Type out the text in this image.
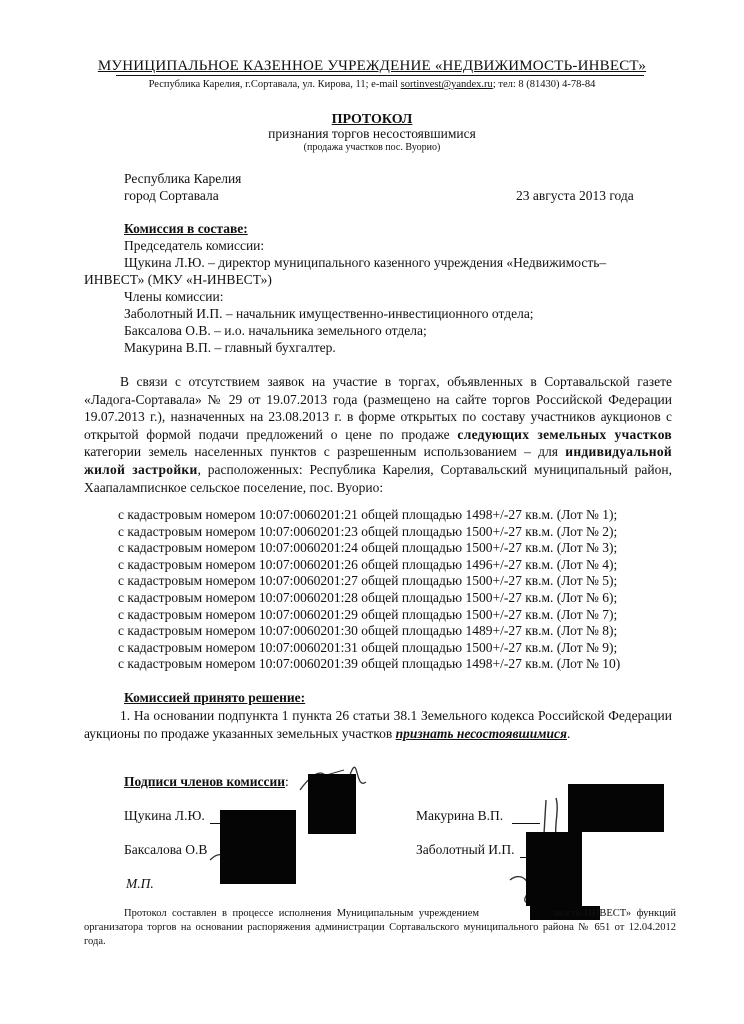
МУНИЦИПАЛЬНОЕ КАЗЕННОЕ УЧРЕЖДЕНИЕ «НЕДВИЖИМОСТЬ-ИНВЕСТ»
Республика Карелия, г.Сортавала, ул. Кирова, 11; e-mail sortinvest@yandex.ru; тел: 8 (81430) 4-78-84
ПРОТОКОЛ
признания торгов несостоявшимися
(продажа участков пос. Вуорио)
Республика Карелия
город Сортавала	23 августа 2013 года
Комиссия в составе:
Председатель комиссии:
Щукина Л.Ю. – директор муниципального казенного учреждения «Недвижимость–
ИНВЕСТ» (МКУ «Н-ИНВЕСТ»)
Члены комиссии:
Заболотный И.П. – начальник имущественно-инвестиционного отдела;
Баксалова О.В. – и.о. начальника земельного отдела;
Макурина В.П. – главный бухгалтер.
В связи с отсутствием заявок на участие в торгах, объявленных в Сортавальской газете «Ладога-Сортавала» № 29 от 19.07.2013 года (размещено на сайте торгов Российской Федерации 19.07.2013 г.), назначенных на 23.08.2013 г. в форме открытых по составу участников аукционов с открытой формой подачи предложений о цене по продаже следующих земельных участков категории земель населенных пунктов с разрешенным использованием – для индивидуальной жилой застройки, расположенных: Республика Карелия, Сортавальский муниципальный район, Хаапаламписнкое сельское поселение, пос. Вуорио:
с кадастровым номером 10:07:0060201:21 общей площадью 1498+/-27 кв.м. (Лот № 1);
с кадастровым номером 10:07:0060201:23 общей площадью 1500+/-27 кв.м. (Лот № 2);
с кадастровым номером 10:07:0060201:24 общей площадью 1500+/-27 кв.м. (Лот № 3);
с кадастровым номером 10:07:0060201:26 общей площадью 1496+/-27 кв.м. (Лот № 4);
с кадастровым номером 10:07:0060201:27 общей площадью 1500+/-27 кв.м. (Лот № 5);
с кадастровым номером 10:07:0060201:28 общей площадью 1500+/-27 кв.м. (Лот № 6);
с кадастровым номером 10:07:0060201:29 общей площадью 1500+/-27 кв.м. (Лот № 7);
с кадастровым номером 10:07:0060201:30 общей площадью 1489+/-27 кв.м. (Лот № 8);
с кадастровым номером 10:07:0060201:31 общей площадью 1500+/-27 кв.м. (Лот № 9);
с кадастровым номером 10:07:0060201:39 общей площадью 1498+/-27 кв.м. (Лот № 10)
Комиссией принято решение:
1. На основании подпункта 1 пункта 26 статьи 38.1 Земельного кодекса Российской Федерации аукционы по продаже указанных земельных участков признать несостоявшимися.
Подписи членов комиссии:
Щукина Л.Ю.
Баксалова О.В
Макурина В.П.
Заболотный И.П.
М.П.
Протокол составлен в процессе исполнения Муниципальным учреждением	мость-ИНВЕСТ» функций организатора торгов на основании распоряжения администрации Сортавальского муниципального района № 651 от 12.04.2012 года.
